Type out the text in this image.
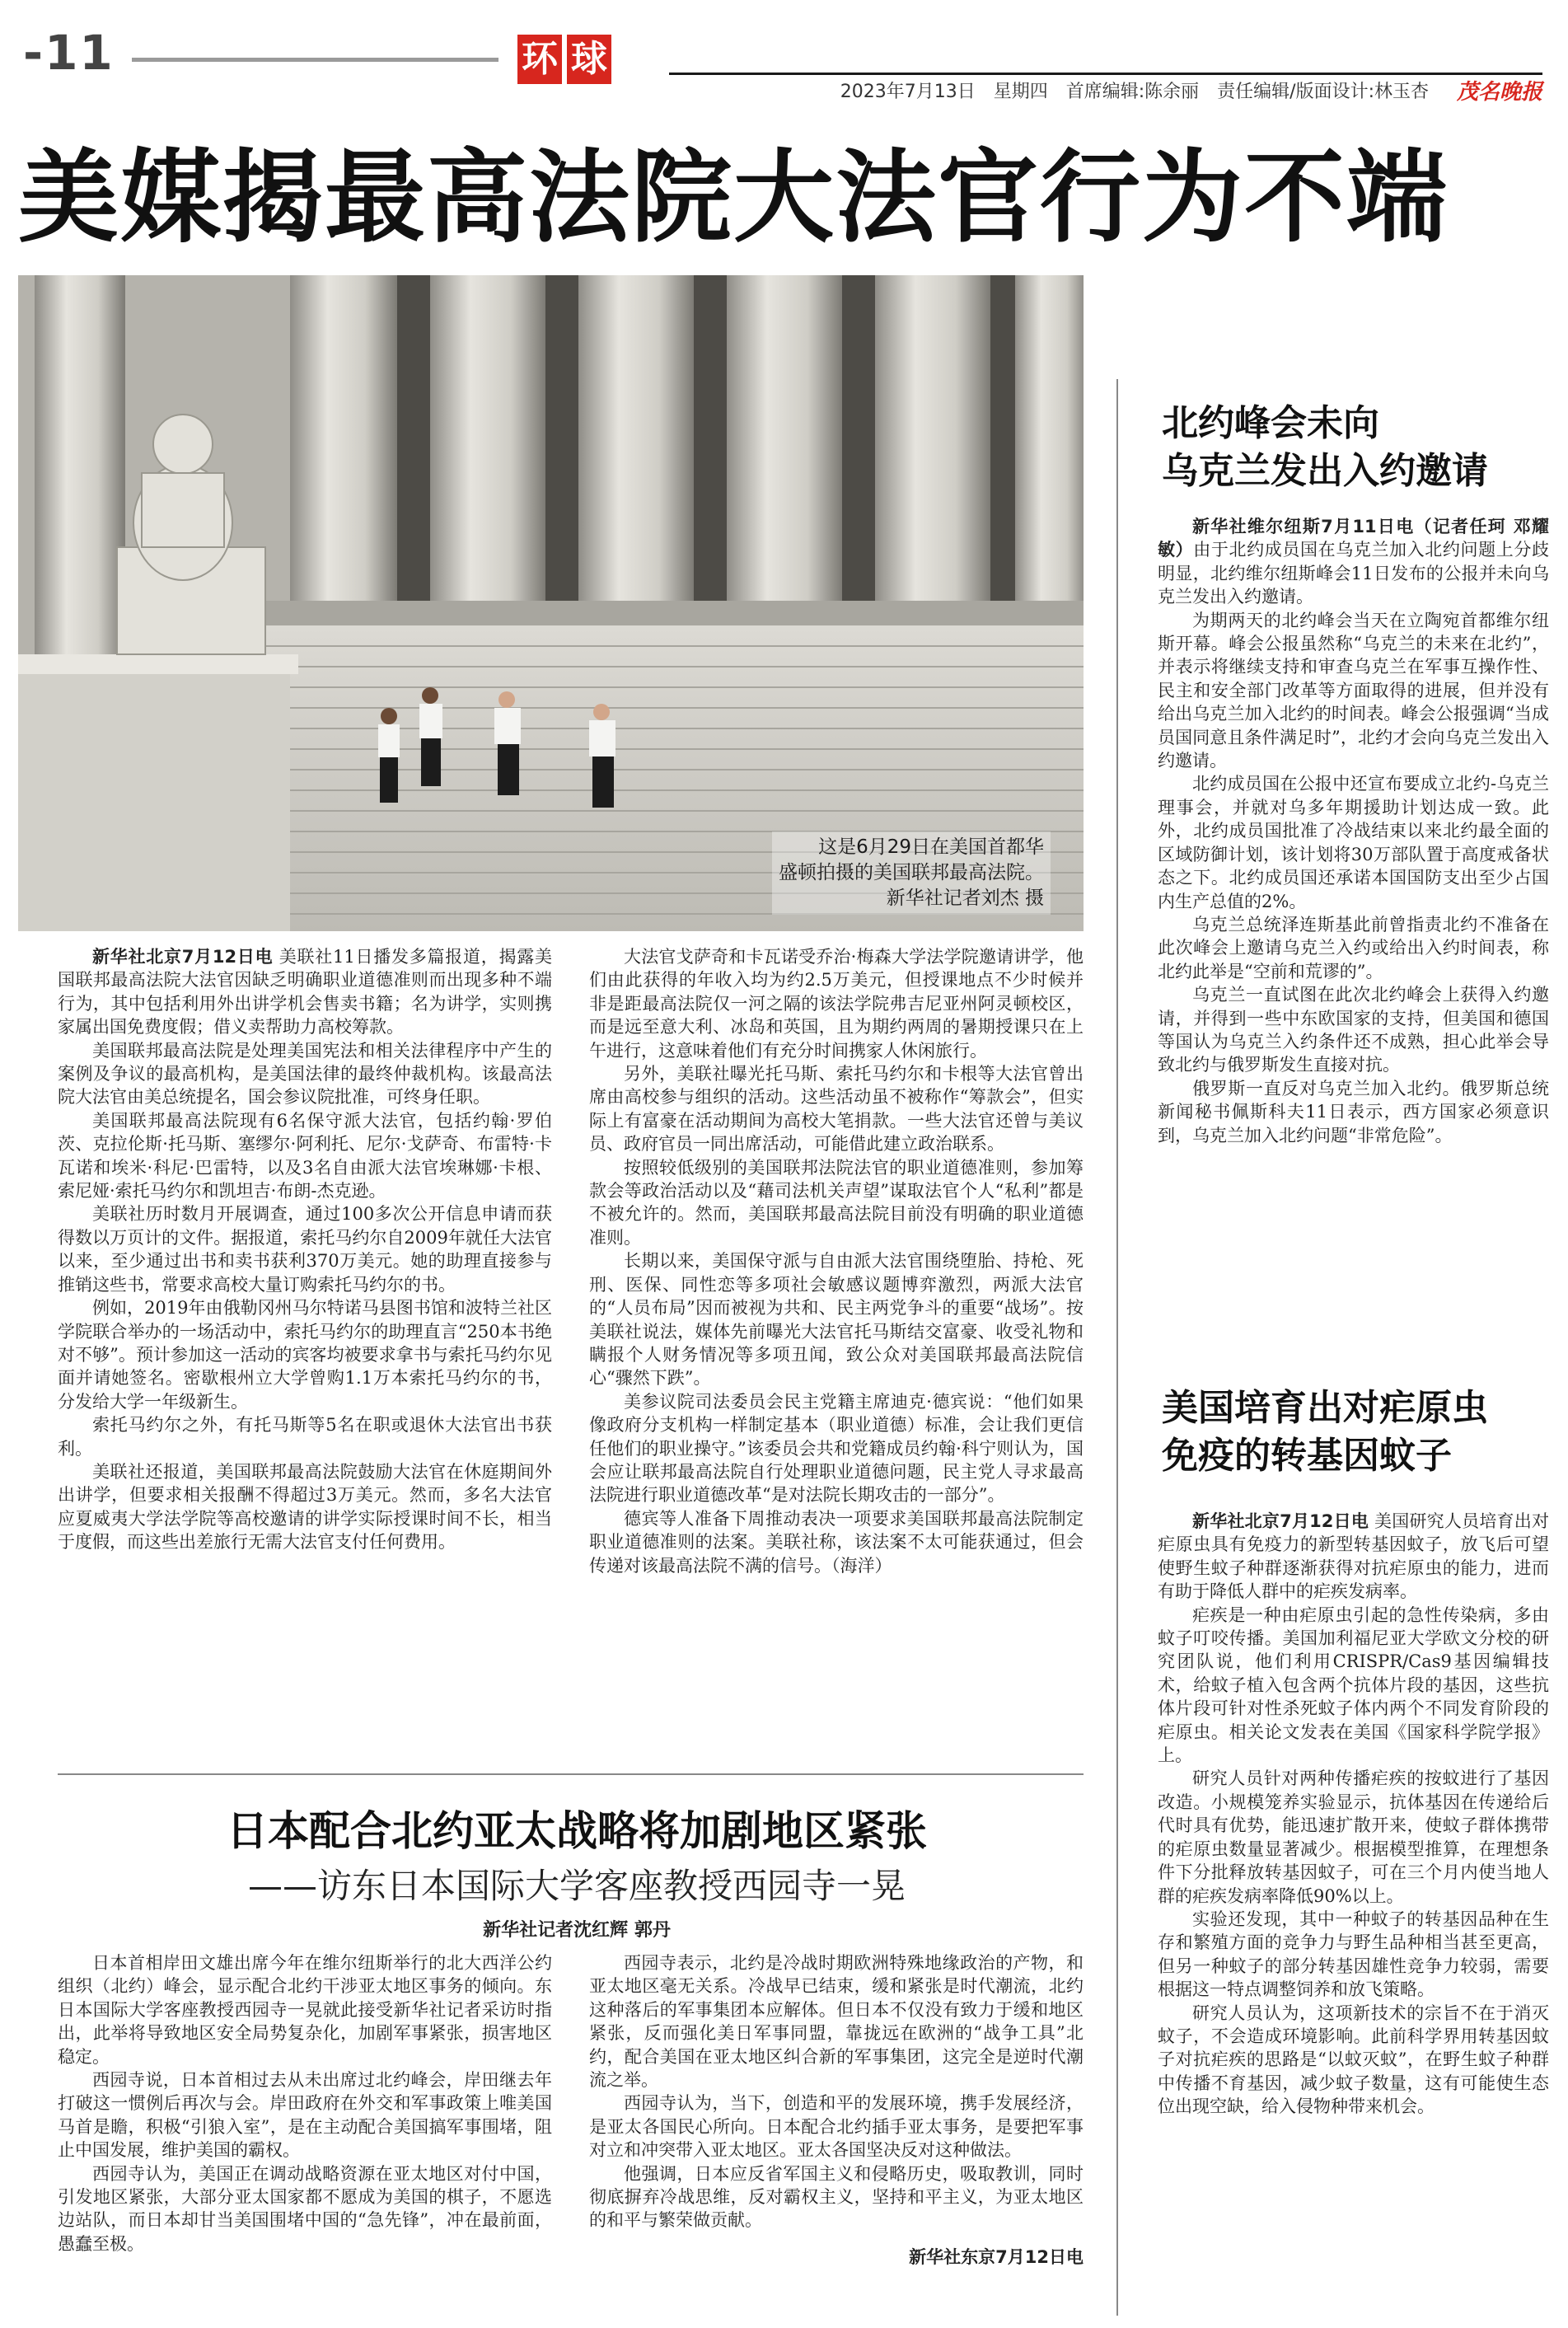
-11	环 球
2023年7月13日 星期四 首席编辑:陈余丽 责任编辑/版面设计:林玉杏 茂名晚报
美媒揭最高法院大法官行为不端
这是6月29日在美国首都华
盛顿拍摄的美国联邦最高法院。
新华社记者刘杰 摄

新华社北京7月12日电 美联社11日播发多篇报道，揭露美国联邦最高法院大法官因缺乏明确职业道德准则而出现多种不端行为，其中包括利用外出讲学机会售卖书籍；名为讲学，实则携家属出国免费度假；借义卖帮助力高校筹款。

美国联邦最高法院是处理美国宪法和相关法律程序中产生的案例及争议的最高机构，是美国法律的最终仲裁机构。该最高法院大法官由美总统提名，国会参议院批准，可终身任职。

美国联邦最高法院现有6名保守派大法官，包括约翰·罗伯茨、克拉伦斯·托马斯、塞缪尔·阿利托、尼尔·戈萨奇、布雷特·卡瓦诺和埃米·科尼·巴雷特，以及3名自由派大法官埃琳娜·卡根、索尼娅·索托马约尔和凯坦吉·布朗-杰克逊。

美联社历时数月开展调查，通过100多次公开信息申请而获得数以万页计的文件。据报道，索托马约尔自2009年就任大法官以来，至少通过出书和卖书获利370万美元。她的助理直接参与推销这些书，常要求高校大量订购索托马约尔的书。

例如，2019年由俄勒冈州马尔特诺马县图书馆和波特兰社区学院联合举办的一场活动中，索托马约尔的助理直言“250本书绝对不够”。预计参加这一活动的宾客均被要求拿书与索托马约尔见面并请她签名。密歇根州立大学曾购1.1万本索托马约尔的书，分发给大学一年级新生。

索托马约尔之外，有托马斯等5名在职或退休大法官出书获利。

美联社还报道，美国联邦最高法院鼓励大法官在休庭期间外出讲学，但要求相关报酬不得超过3万美元。然而，多名大法官应夏威夷大学法学院等高校邀请的讲学实际授课时间不长，相当于度假，而这些出差旅行无需大法官支付任何费用。

大法官戈萨奇和卡瓦诺受乔治·梅森大学法学院邀请讲学，他们由此获得的年收入均为约2.5万美元，但授课地点不少时候并非是距最高法院仅一河之隔的该法学院弗吉尼亚州阿灵顿校区，而是远至意大利、冰岛和英国，且为期约两周的暑期授课只在上午进行，这意味着他们有充分时间携家人休闲旅行。

另外，美联社曝光托马斯、索托马约尔和卡根等大法官曾出席由高校参与组织的活动。这些活动虽不被称作“筹款会”，但实际上有富豪在活动期间为高校大笔捐款。一些大法官还曾与美议员、政府官员一同出席活动，可能借此建立政治联系。

按照较低级别的美国联邦法院法官的职业道德准则，参加筹款会等政治活动以及“藉司法机关声望”谋取法官个人“私利”都是不被允许的。然而，美国联邦最高法院目前没有明确的职业道德准则。

长期以来，美国保守派与自由派大法官围绕堕胎、持枪、死刑、医保、同性恋等多项社会敏感议题博弈激烈，两派大法官的“人员布局”因而被视为共和、民主两党争斗的重要“战场”。按美联社说法，媒体先前曝光大法官托马斯结交富豪、收受礼物和瞒报个人财务情况等多项丑闻，致公众对美国联邦最高法院信心“骤然下跌”。

美参议院司法委员会民主党籍主席迪克·德宾说：“他们如果像政府分支机构一样制定基本（职业道德）标准，会让我们更信任他们的职业操守。”该委员会共和党籍成员约翰·科宁则认为，国会应让联邦最高法院自行处理职业道德问题，民主党人寻求最高法院进行职业道德改革“是对法院长期攻击的一部分”。

德宾等人准备下周推动表决一项要求美国联邦最高法院制定职业道德准则的法案。美联社称，该法案不太可能获通过，但会传递对该最高法院不满的信号。（海洋）

日本配合北约亚太战略将加剧地区紧张
——访东日本国际大学客座教授西园寺一晃
新华社记者沈红辉 郭丹

日本首相岸田文雄出席今年在维尔纽斯举行的北大西洋公约组织（北约）峰会，显示配合北约干涉亚太地区事务的倾向。东日本国际大学客座教授西园寺一晃就此接受新华社记者采访时指出，此举将导致地区安全局势复杂化，加剧军事紧张，损害地区稳定。

西园寺说，日本首相过去从未出席过北约峰会，岸田继去年打破这一惯例后再次与会。岸田政府在外交和军事政策上唯美国马首是瞻，积极“引狼入室”，是在主动配合美国搞军事围堵，阻止中国发展，维护美国的霸权。

西园寺认为，美国正在调动战略资源在亚太地区对付中国，引发地区紧张，大部分亚太国家都不愿成为美国的棋子，不愿选边站队，而日本却甘当美国围堵中国的“急先锋”，冲在最前面，愚蠢至极。

西园寺表示，北约是冷战时期欧洲特殊地缘政治的产物，和亚太地区毫无关系。冷战早已结束，缓和紧张是时代潮流，北约这种落后的军事集团本应解体。但日本不仅没有致力于缓和地区紧张，反而强化美日军事同盟，靠拢远在欧洲的“战争工具”北约，配合美国在亚太地区纠合新的军事集团，这完全是逆时代潮流之举。

西园寺认为，当下，创造和平的发展环境，携手发展经济，是亚太各国民心所向。日本配合北约插手亚太事务，是要把军事对立和冲突带入亚太地区。亚太各国坚决反对这种做法。

他强调，日本应反省军国主义和侵略历史，吸取教训，同时彻底摒弃冷战思维，反对霸权主义，坚持和平主义，为亚太地区的和平与繁荣做贡献。

新华社东京7月12日电

北约峰会未向
乌克兰发出入约邀请

新华社维尔纽斯7月11日电（记者任珂 邓耀敏）由于北约成员国在乌克兰加入北约问题上分歧明显，北约维尔纽斯峰会11日发布的公报并未向乌克兰发出入约邀请。

为期两天的北约峰会当天在立陶宛首都维尔纽斯开幕。峰会公报虽然称“乌克兰的未来在北约”，并表示将继续支持和审查乌克兰在军事互操作性、民主和安全部门改革等方面取得的进展，但并没有给出乌克兰加入北约的时间表。峰会公报强调“当成员国同意且条件满足时”，北约才会向乌克兰发出入约邀请。

北约成员国在公报中还宣布要成立北约-乌克兰理事会，并就对乌多年期援助计划达成一致。此外，北约成员国批准了冷战结束以来北约最全面的区域防御计划，该计划将30万部队置于高度戒备状态之下。北约成员国还承诺本国国防支出至少占国内生产总值的2%。

乌克兰总统泽连斯基此前曾指责北约不准备在此次峰会上邀请乌克兰入约或给出入约时间表，称北约此举是“空前和荒谬的”。

乌克兰一直试图在此次北约峰会上获得入约邀请，并得到一些中东欧国家的支持，但美国和德国等国认为乌克兰入约条件还不成熟，担心此举会导致北约与俄罗斯发生直接对抗。

俄罗斯一直反对乌克兰加入北约。俄罗斯总统新闻秘书佩斯科夫11日表示，西方国家必须意识到，乌克兰加入北约问题“非常危险”。

美国培育出对疟原虫
免疫的转基因蚊子

新华社北京7月12日电 美国研究人员培育出对疟原虫具有免疫力的新型转基因蚊子，放飞后可望使野生蚊子种群逐渐获得对抗疟原虫的能力，进而有助于降低人群中的疟疾发病率。

疟疾是一种由疟原虫引起的急性传染病，多由蚊子叮咬传播。美国加利福尼亚大学欧文分校的研究团队说，他们利用CRISPR/Cas9基因编辑技术，给蚊子植入包含两个抗体片段的基因，这些抗体片段可针对性杀死蚊子体内两个不同发育阶段的疟原虫。相关论文发表在美国《国家科学院学报》上。

研究人员针对两种传播疟疾的按蚊进行了基因改造。小规模笼养实验显示，抗体基因在传递给后代时具有优势，能迅速扩散开来，使蚊子群体携带的疟原虫数量显著减少。根据模型推算，在理想条件下分批释放转基因蚊子，可在三个月内使当地人群的疟疾发病率降低90%以上。

实验还发现，其中一种蚊子的转基因品种在生存和繁殖方面的竞争力与野生品种相当甚至更高，但另一种蚊子的部分转基因雄性竞争力较弱，需要根据这一特点调整饲养和放飞策略。

研究人员认为，这项新技术的宗旨不在于消灭蚊子，不会造成环境影响。此前科学界用转基因蚊子对抗疟疾的思路是“以蚊灭蚊”，在野生蚊子种群中传播不育基因，减少蚊子数量，这有可能使生态位出现空缺，给入侵物种带来机会。
